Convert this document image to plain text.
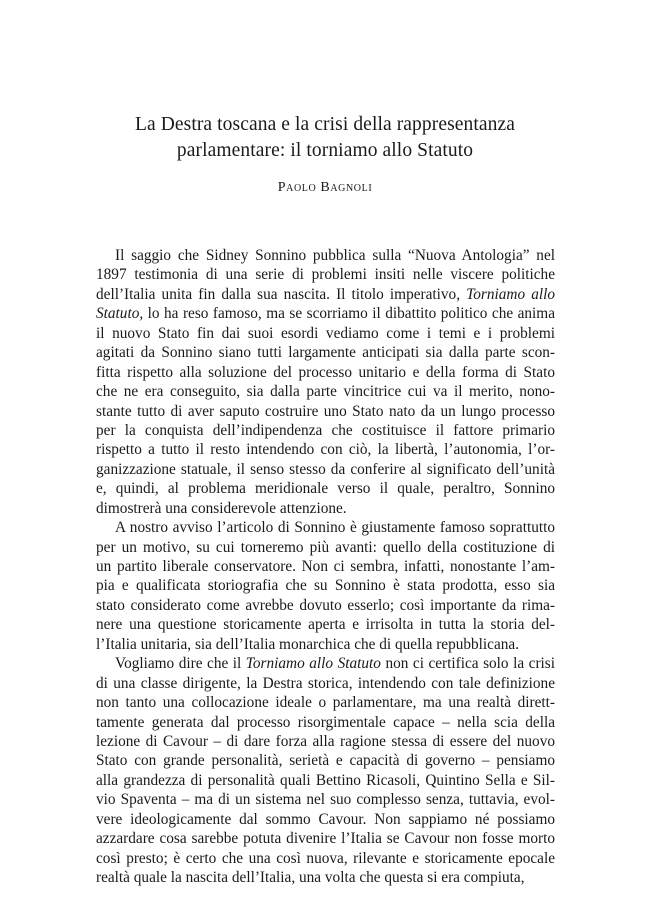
La Destra toscana e la crisi della rappresentanza
parlamentare: il torniamo allo Statuto
Paolo Bagnoli
Il saggio che Sidney Sonnino pubblica sulla “Nuova Antologia” nel
1897 testimonia di una serie di problemi insiti nelle viscere politiche
dell’Italia unita fin dalla sua nascita. Il titolo imperativo, Torniamo allo
Statuto, lo ha reso famoso, ma se scorriamo il dibattito politico che anima
il nuovo Stato fin dai suoi esordi vediamo come i temi e i problemi
agitati da Sonnino siano tutti largamente anticipati sia dalla parte scon-
fitta rispetto alla soluzione del processo unitario e della forma di Stato
che ne era conseguito, sia dalla parte vincitrice cui va il merito, nono-
stante tutto di aver saputo costruire uno Stato nato da un lungo processo
per la conquista dell’indipendenza che costituisce il fattore primario
rispetto a tutto il resto intendendo con ciò, la libertà, l’autonomia, l’or-
ganizzazione statuale, il senso stesso da conferire al significato dell’unità
e, quindi, al problema meridionale verso il quale, peraltro, Sonnino
dimostrerà una considerevole attenzione.
A nostro avviso l’articolo di Sonnino è giustamente famoso soprattutto
per un motivo, su cui torneremo più avanti: quello della costituzione di
un partito liberale conservatore. Non ci sembra, infatti, nonostante l’am-
pia e qualificata storiografia che su Sonnino è stata prodotta, esso sia
stato considerato come avrebbe dovuto esserlo; così importante da rima-
nere una questione storicamente aperta e irrisolta in tutta la storia del-
l’Italia unitaria, sia dell’Italia monarchica che di quella repubblicana.
Vogliamo dire che il Torniamo allo Statuto non ci certifica solo la crisi
di una classe dirigente, la Destra storica, intendendo con tale definizione
non tanto una collocazione ideale o parlamentare, ma una realtà dirett-
tamente generata dal processo risorgimentale capace – nella scia della
lezione di Cavour – di dare forza alla ragione stessa di essere del nuovo
Stato con grande personalità, serietà e capacità di governo – pensiamo
alla grandezza di personalità quali Bettino Ricasoli, Quintino Sella e Sil-
vio Spaventa – ma di un sistema nel suo complesso senza, tuttavia, evol-
vere ideologicamente dal sommo Cavour. Non sappiamo né possiamo
azzardare cosa sarebbe potuta divenire l’Italia se Cavour non fosse morto
così presto; è certo che una così nuova, rilevante e storicamente epocale
realtà quale la nascita dell’Italia, una volta che questa si era compiuta,
